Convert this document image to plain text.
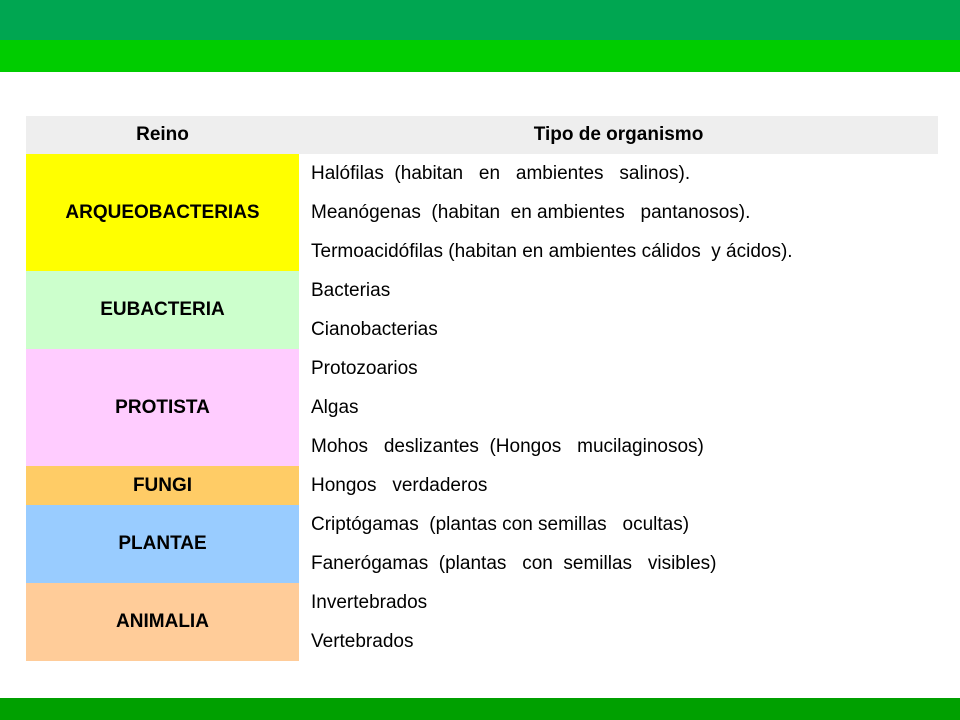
Reino	Tipo de organismo
ARQUEOBACTERIAS
Halófilas  (habitan   en   ambientes   salinos).
Meanógenas  (habitan  en ambientes   pantanosos).
Termoacidófilas (habitan en ambientes cálidos  y ácidos).
EUBACTERIA
Bacterias
Cianobacterias
PROTISTA
Protozoarios
Algas
Mohos   deslizantes  (Hongos   mucilaginosos)
FUNGI	Hongos   verdaderos
PLANTAE
Criptógamas  (plantas con semillas   ocultas)
Fanerógamas  (plantas   con  semillas   visibles)
ANIMALIA
Invertebrados
Vertebrados
